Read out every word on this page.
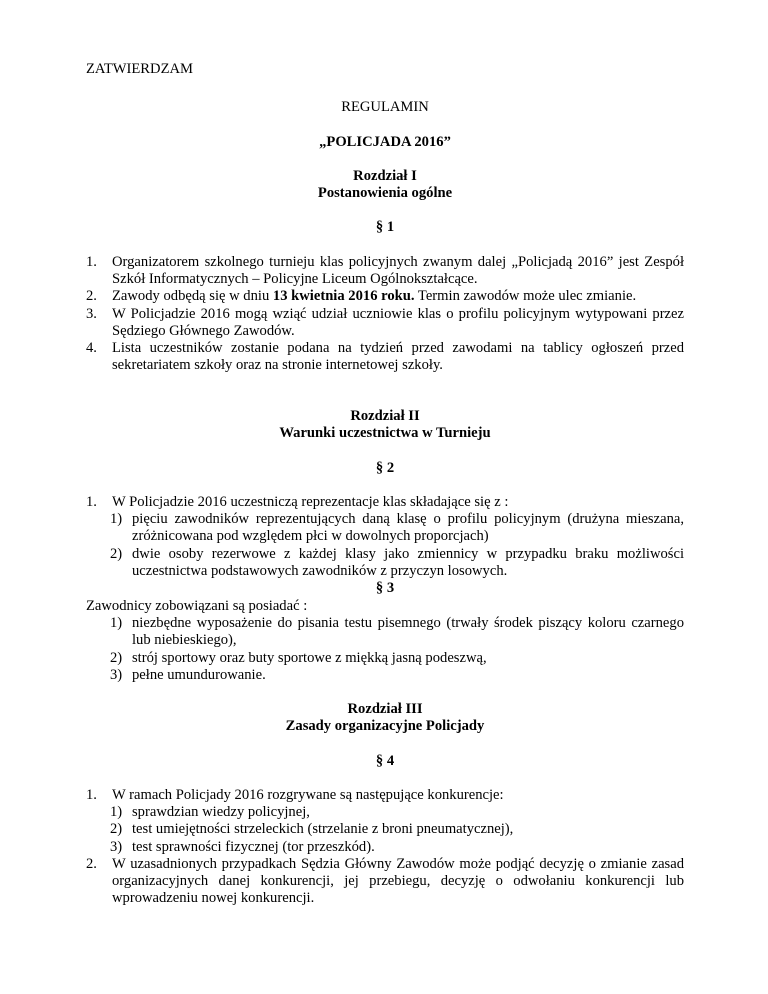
ZATWIERDZAM
REGULAMIN
„POLICJADA 2016”
Rozdział I
Postanowienia ogólne
§ 1
1. Organizatorem szkolnego turnieju klas policyjnych zwanym dalej „Policjadą 2016” jest Zespół Szkół Informatycznych – Policyjne Liceum Ogólnokształcące.
2. Zawody odbędą się w dniu 13 kwietnia 2016 roku. Termin zawodów może ulec zmianie.
3. W Policjadzie 2016 mogą wziąć udział uczniowie klas o profilu policyjnym wytypowani przez Sędziego Głównego Zawodów.
4. Lista uczestników zostanie podana na tydzień przed zawodami na tablicy ogłoszeń przed sekretariatem szkoły oraz na stronie internetowej szkoły.
Rozdział II
Warunki uczestnictwa w Turnieju
§ 2
1. W Policjadzie 2016 uczestniczą reprezentacje klas składające się z :
1) pięciu zawodników reprezentujących daną klasę o profilu policyjnym (drużyna mieszana, zróżnicowana pod względem płci w dowolnych proporcjach)
2) dwie osoby rezerwowe z każdej klasy jako zmiennicy w przypadku braku możliwości uczestnictwa podstawowych zawodników z przyczyn losowych.
§ 3
Zawodnicy zobowiązani są posiadać :
1) niezbędne wyposażenie do pisania testu pisemnego (trwały środek piszący koloru czarnego lub niebieskiego),
2) strój sportowy oraz buty sportowe z miękką jasną podeszwą,
3) pełne umundurowanie.
Rozdział III
Zasady organizacyjne Policjady
§ 4
1. W ramach Policjady 2016 rozgrywane są następujące konkurencje:
1) sprawdzian wiedzy policyjnej,
2) test umiejętności strzeleckich (strzelanie z broni pneumatycznej),
3) test sprawności fizycznej (tor przeszkód).
2. W uzasadnionych przypadkach Sędzia Główny Zawodów może podjąć decyzję o zmianie zasad organizacyjnych danej konkurencji, jej przebiegu, decyzję o odwołaniu konkurencji lub wprowadzeniu nowej konkurencji.
